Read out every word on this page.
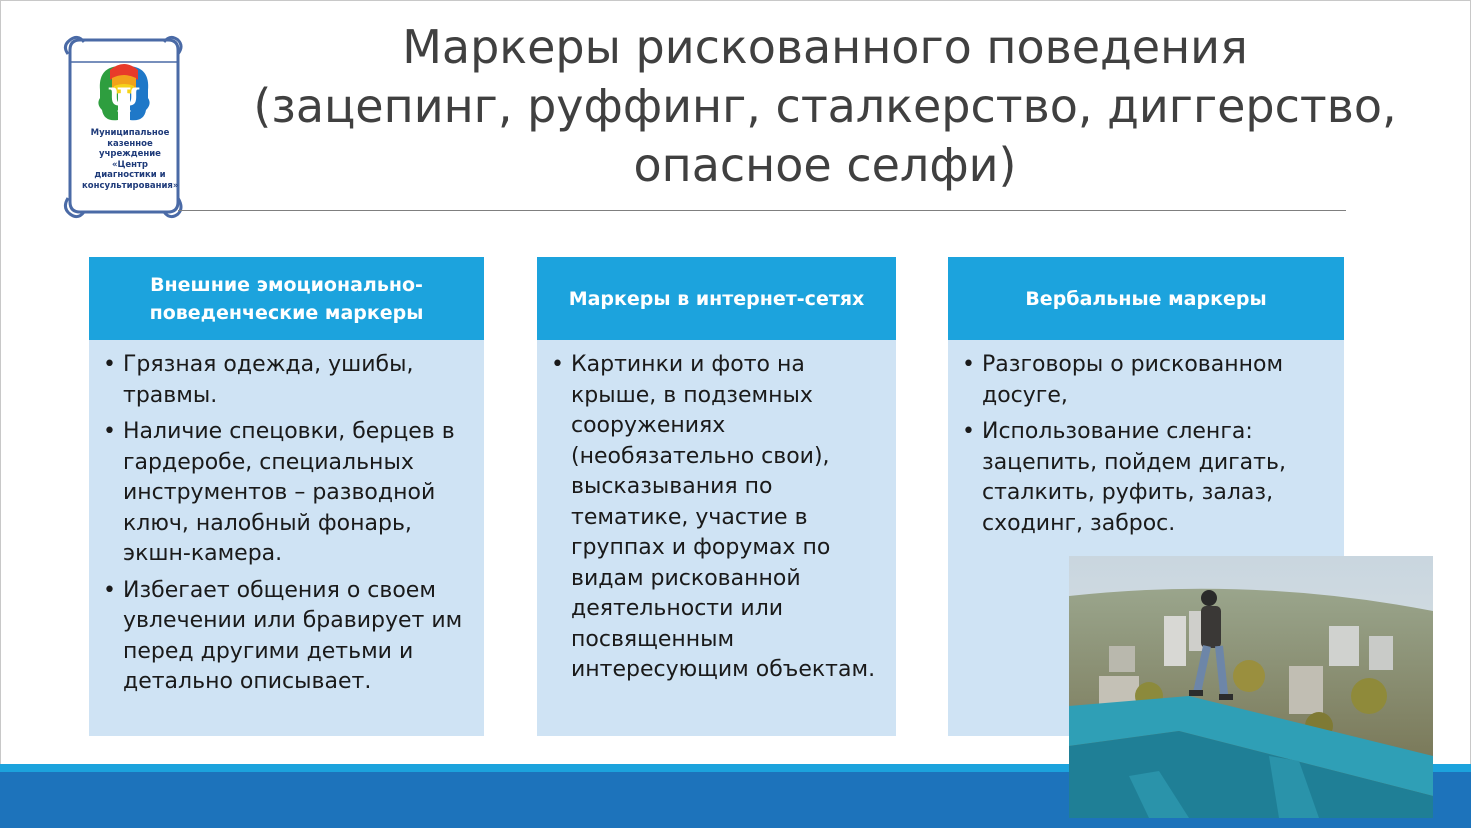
Ψ
Муниципальное
казенное
учреждение
«Центр
диагностики и
консультирования»
Маркеры рискованного поведения
(зацепинг, руффинг, сталкерство, диггерство,
опасное селфи)
Внешние эмоционально-поведенческие маркеры
• Грязная одежда, ушибы, травмы.
• Наличие спецовки, берцев в гардеробе, специальных инструментов – разводной ключ, налобный фонарь, экшн-камера.
• Избегает общения о своем увлечении или бравирует им перед другими детьми и детально описывает.
Маркеры в интернет-сетях
• Картинки и фото на крыше, в подземных сооружениях (необязательно свои), высказывания по тематике, участие в группах и форумах по видам рискованной деятельности или посвященным интересующим объектам.
Вербальные маркеры
• Разговоры о рискованном досуге,
• Использование сленга: зацепить, пойдем дигать, сталкить, руфить, залаз, сходинг, заброс.
